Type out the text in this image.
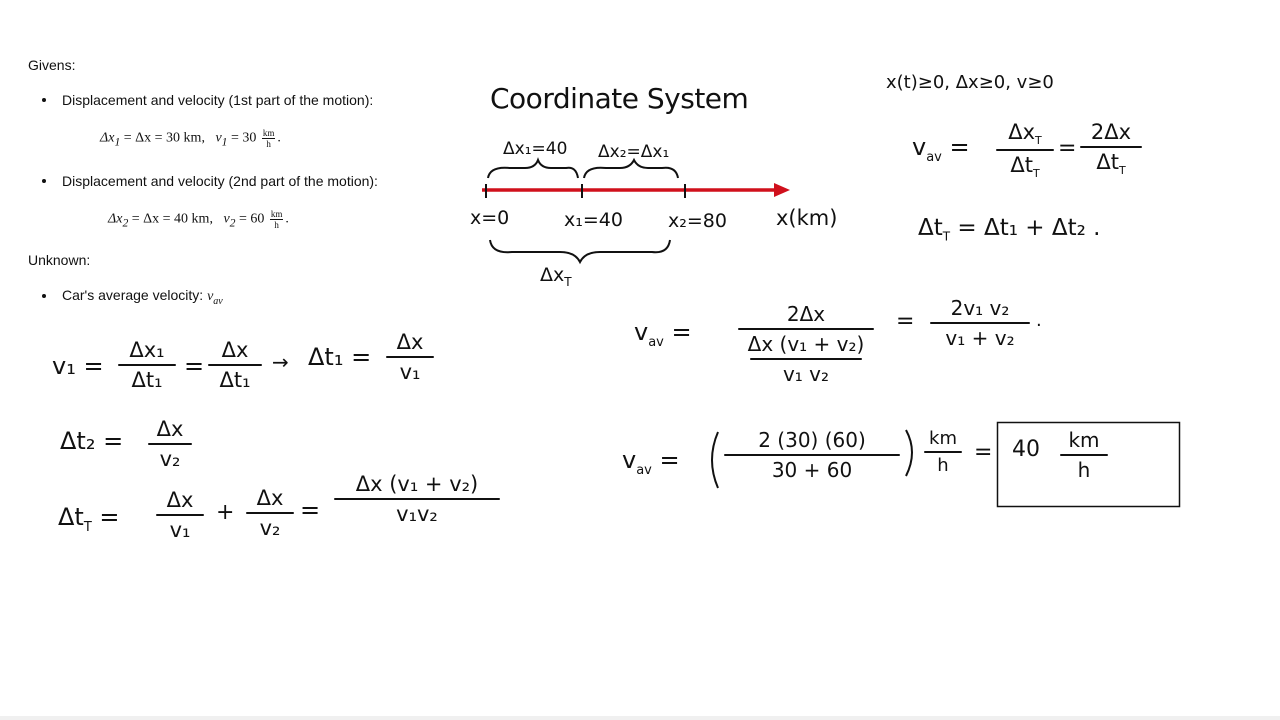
Givens:
Displacement and velocity (1st part of the motion):
$\Delta x_1 = \Delta x = 30$ km, $v_1 = 30 \frac{km}{h}$ .
Displacement and velocity (2nd part of the motion):
$\Delta x_2 = \Delta x = 40$ km, $v_2 = 60 \frac{km}{h}$ .
Unknown:
Car's average velocity: $v_{av}$
v₁ =
Δx₁
Δt₁ =
Δx
Δt₁
→ Δt₁ =
Δx
v₁
Δt₂ =	Δx
v₂
$\Delta t_T$ =
Δx
v₁
+
Δx
v₂
=
Δx (v₁ + v₂)
v₁v₂
Coordinate System
Δx₁=40 Δx₂=Δx₁
x=0	x₁=40 x₂=80 x(km)
$\Delta x_T$
x(t)≥0, Δx≥0, v≥0
$v_{av}$ =
$\Delta x_T$
$\Delta t_T$
=
2Δx
$\Delta t_T$
$\Delta t_T = \Delta t_1 + \Delta t_2$ .
$v_{av}$ =
2Δx
Δx (v₁ + v₂)
v₁ v₂
=
2v₁ v₂
v₁ + v₂
.
$v_{av}$ =
2 (30) (60)
30 + 60
km
h
= 40	km
h
